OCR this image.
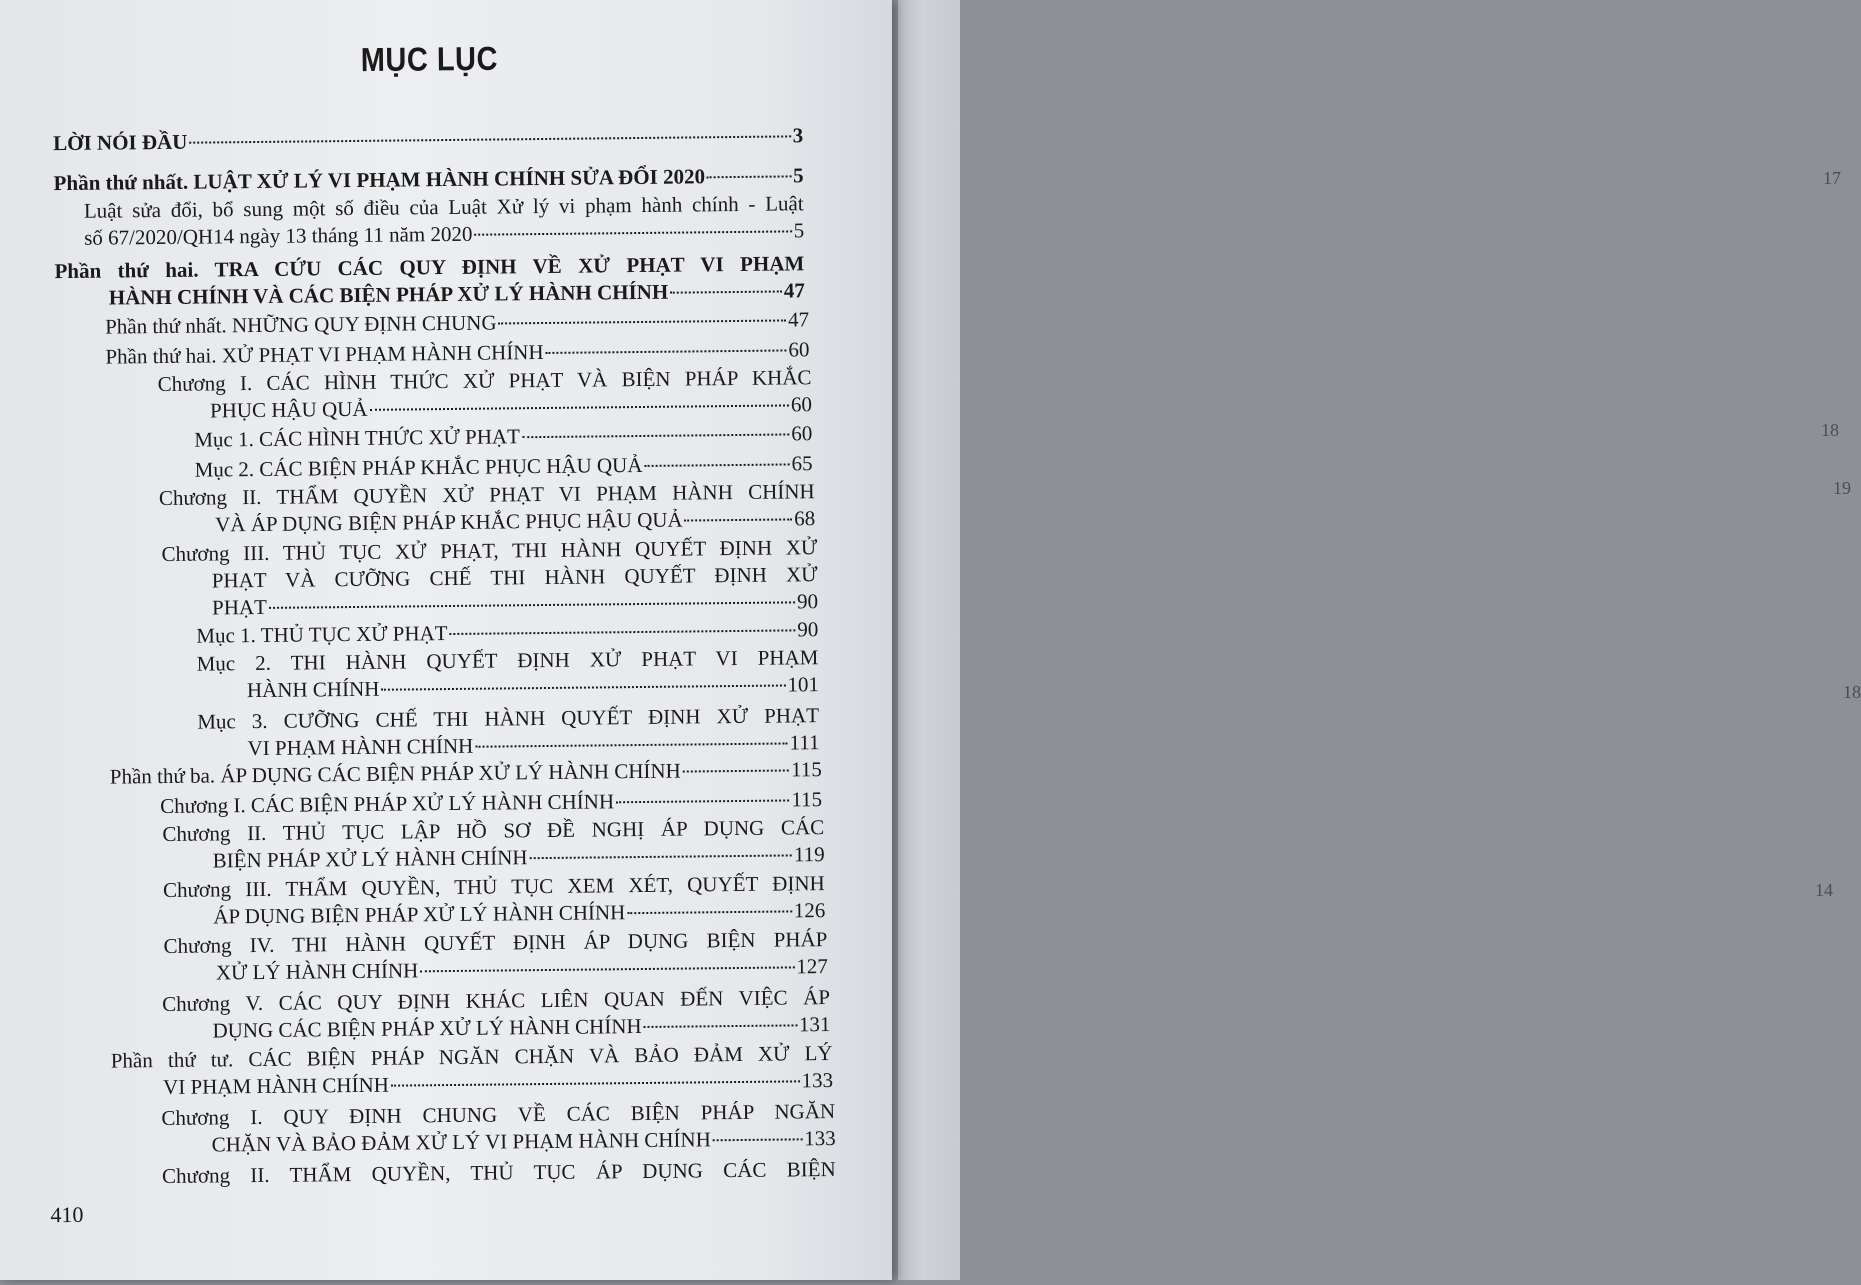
17
18
19
18
14
MỤC LỤC
LỜI NÓI ĐẦU	3
Phần thứ nhất. LUẬT XỬ LÝ VI PHẠM HÀNH CHÍNH SỬA ĐỔI 2020	5
Luật sửa đổi, bổ sung một số điều của Luật Xử lý vi phạm hành chính - Luật
số 67/2020/QH14 ngày 13 tháng 11 năm 2020	5
Phần thứ hai. TRA CỨU CÁC QUY ĐỊNH VỀ XỬ PHẠT VI PHẠM
HÀNH CHÍNH VÀ CÁC BIỆN PHÁP XỬ LÝ HÀNH CHÍNH	47
Phần thứ nhất. NHỮNG QUY ĐỊNH CHUNG	47
Phần thứ hai. XỬ PHẠT VI PHẠM HÀNH CHÍNH	60
Chương I. CÁC HÌNH THỨC XỬ PHẠT VÀ BIỆN PHÁP KHẮC
PHỤC HẬU QUẢ	60
Mục 1. CÁC HÌNH THỨC XỬ PHẠT	60
Mục 2. CÁC BIỆN PHÁP KHẮC PHỤC HẬU QUẢ	65
Chương II. THẨM QUYỀN XỬ PHẠT VI PHẠM HÀNH CHÍNH
VÀ ÁP DỤNG BIỆN PHÁP KHẮC PHỤC HẬU QUẢ	68
Chương III. THỦ TỤC XỬ PHẠT, THI HÀNH QUYẾT ĐỊNH XỬ
PHẠT VÀ CƯỠNG CHẾ THI HÀNH QUYẾT ĐỊNH XỬ
PHẠT	90
Mục 1. THỦ TỤC XỬ PHẠT	90
Mục 2. THI HÀNH QUYẾT ĐỊNH XỬ PHẠT VI PHẠM
HÀNH CHÍNH	101
Mục 3. CƯỠNG CHẾ THI HÀNH QUYẾT ĐỊNH XỬ PHẠT
VI PHẠM HÀNH CHÍNH	111
Phần thứ ba. ÁP DỤNG CÁC BIỆN PHÁP XỬ LÝ HÀNH CHÍNH	115
Chương I. CÁC BIỆN PHÁP XỬ LÝ HÀNH CHÍNH	115
Chương II. THỦ TỤC LẬP HỒ SƠ ĐỀ NGHỊ ÁP DỤNG CÁC
BIỆN PHÁP XỬ LÝ HÀNH CHÍNH	119
Chương III. THẨM QUYỀN, THỦ TỤC XEM XÉT, QUYẾT ĐỊNH
ÁP DỤNG BIỆN PHÁP XỬ LÝ HÀNH CHÍNH	126
Chương IV. THI HÀNH QUYẾT ĐỊNH ÁP DỤNG BIỆN PHÁP
XỬ LÝ HÀNH CHÍNH	127
Chương V. CÁC QUY ĐỊNH KHÁC LIÊN QUAN ĐẾN VIỆC ÁP
DỤNG CÁC BIỆN PHÁP XỬ LÝ HÀNH CHÍNH	131
Phần thứ tư. CÁC BIỆN PHÁP NGĂN CHẶN VÀ BẢO ĐẢM XỬ LÝ
VI PHẠM HÀNH CHÍNH	133
Chương I. QUY ĐỊNH CHUNG VỀ CÁC BIỆN PHÁP NGĂN
CHẶN VÀ BẢO ĐẢM XỬ LÝ VI PHẠM HÀNH CHÍNH	133
Chương II. THẨM QUYỀN, THỦ TỤC ÁP DỤNG CÁC BIỆN
410
